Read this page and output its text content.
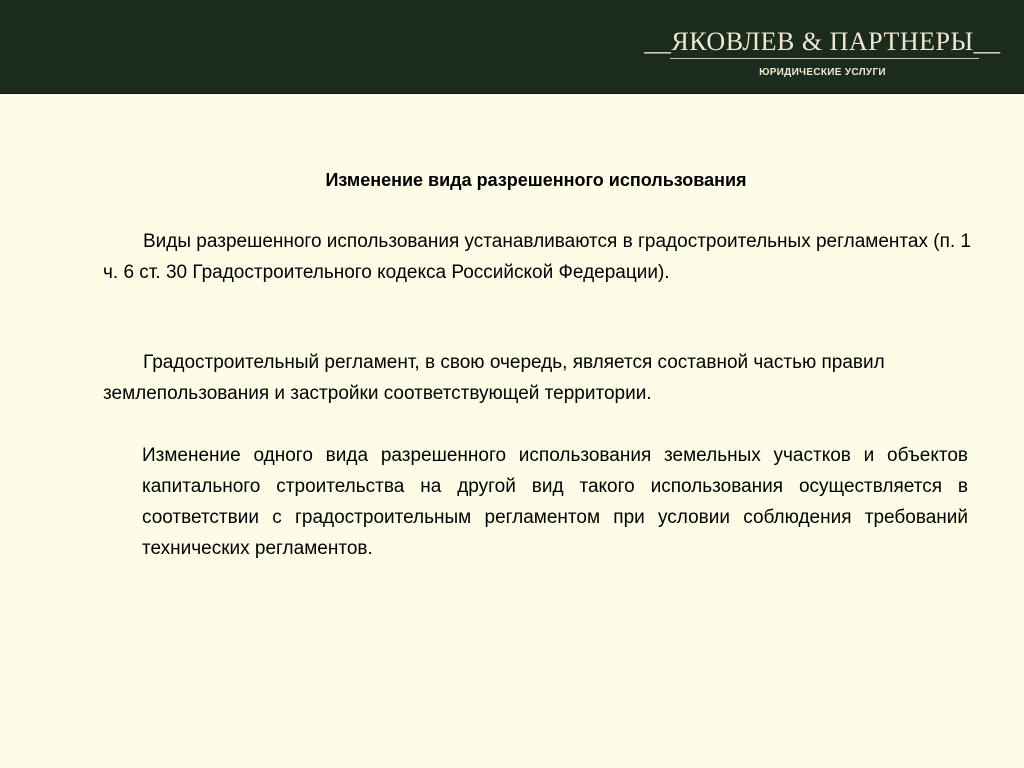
__ЯКОВЛЕВ & ПАРТНЕРЫ__
ЮРИДИЧЕСКИЕ УСЛУГИ
Изменение вида разрешенного использования
Виды разрешенного использования устанавливаются в градостроительных регламентах (п. 1 ч. 6 ст. 30 Градостроительного кодекса Российской Федерации).
Градостроительный регламент, в свою очередь, является составной частью правил землепользования и застройки соответствующей территории.
Изменение одного вида разрешенного использования земельных участков и объектов капитального строительства на другой вид такого использования осуществляется в соответствии с градостроительным регламентом при условии соблюдения требований технических регламентов.
